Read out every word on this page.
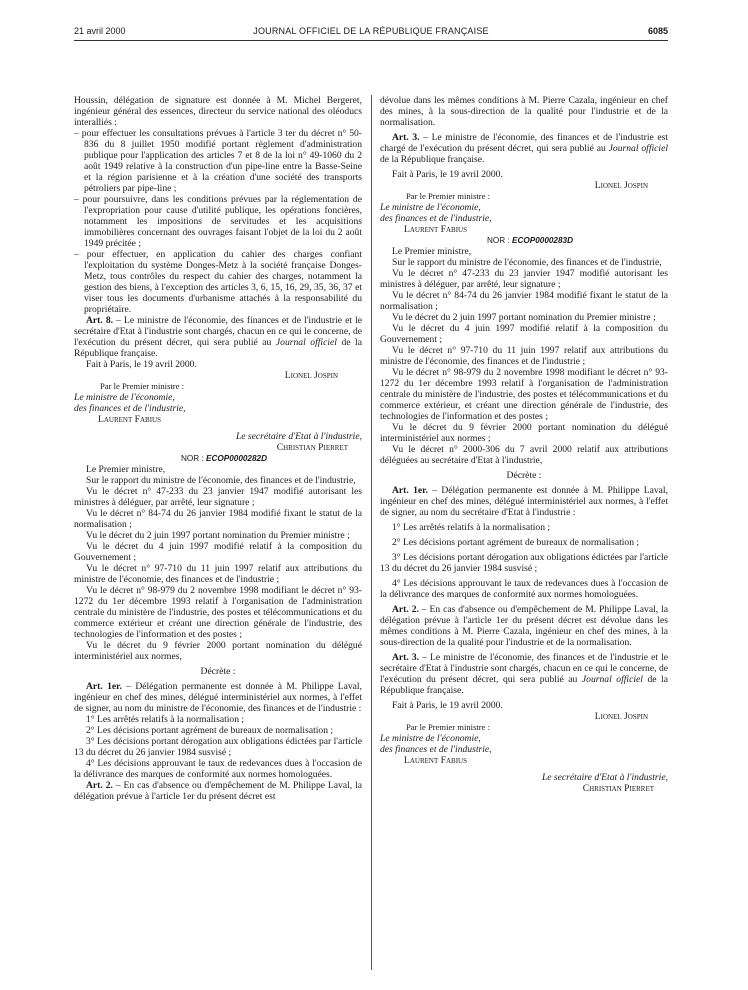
21 avril 2000	JOURNAL OFFICIEL DE LA RÉPUBLIQUE FRANÇAISE	6085

Houssin, délégation de signature est donnée à M. Michel Bergeret, ingénieur général des essences, directeur du service national des oléoducs interalliés :

– pour effectuer les consultations prévues à l'article 3 ter du décret n° 50-836 du 8 juillet 1950 modifié portant règlement d'administration publique pour l'application des articles 7 et 8 de la loi n° 49-1060 du 2 août 1949 relative à la construction d'un pipe-line entre la Basse-Seine et la région parisienne et à la création d'une société des transports pétroliers par pipe-line ;

– pour poursuivre, dans les conditions prévues par la réglementation de l'expropriation pour cause d'utilité publique, les opérations foncières, notamment les impositions de servitudes et les acquisitions immobilières concernant des ouvrages faisant l'objet de la loi du 2 août 1949 précitée ;

– pour effectuer, en application du cahier des charges confiant l'exploitation du système Donges-Metz à la société française Donges-Metz, tous contrôles du respect du cahier des charges, notamment la gestion des biens, à l'exception des articles 3, 6, 15, 16, 29, 35, 36, 37 et viser tous les documents d'urbanisme attachés à la responsabilité du propriétaire.

Art. 8. – Le ministre de l'économie, des finances et de l'industrie et le secrétaire d'Etat à l'industrie sont chargés, chacun en ce qui le concerne, de l'exécution du présent décret, qui sera publié au Journal officiel de la République française.

Fait à Paris, le 19 avril 2000.

Lionel Jospin

Par le Premier ministre :
Le ministre de l'économie,
des finances et de l'industrie,
Laurent Fabius
Le secrétaire d'Etat à l'industrie,
Christian Pierret

NOR : ECOP0000282D

Le Premier ministre,

Sur le rapport du ministre de l'économie, des finances et de l'industrie,

Vu le décret n° 47-233 du 23 janvier 1947 modifié autorisant les ministres à déléguer, par arrêté, leur signature ;

Vu le décret n° 84-74 du 26 janvier 1984 modifié fixant le statut de la normalisation ;

Vu le décret du 2 juin 1997 portant nomination du Premier ministre ;

Vu le décret du 4 juin 1997 modifié relatif à la composition du Gouvernement ;

Vu le décret n° 97-710 du 11 juin 1997 relatif aux attributions du ministre de l'économie, des finances et de l'industrie ;

Vu le décret n° 98-979 du 2 novembre 1998 modifiant le décret n° 93-1272 du 1er décembre 1993 relatif à l'organisation de l'administration centrale du ministère de l'industrie, des postes et télécommunications et du commerce extérieur et créant une direction générale de l'industrie, des technologies de l'information et des postes ;

Vu le décret du 9 février 2000 portant nomination du délégué interministériel aux normes,

Décrète :

Art. 1er. – Délégation permanente est donnée à M. Philippe Laval, ingénieur en chef des mines, délégué interministériel aux normes, à l'effet de signer, au nom du ministre de l'économie, des finances et de l'industrie :

1° Les arrêtés relatifs à la normalisation ;

2° Les décisions portant agrément de bureaux de normalisation ;

3° Les décisions portant dérogation aux obligations édictées par l'article 13 du décret du 26 janvier 1984 susvisé ;

4° Les décisions approuvant le taux de redevances dues à l'occasion de la délivrance des marques de conformité aux normes homologuées.

Art. 2. – En cas d'absence ou d'empêchement de M. Philippe Laval, la délégation prévue à l'article 1er du présent décret est

dévolue dans les mêmes conditions à M. Pierre Cazala, ingénieur en chef des mines, à la sous-direction de la qualité pour l'industrie et de la normalisation.

Art. 3. – Le ministre de l'économie, des finances et de l'industrie est chargé de l'exécution du présent décret, qui sera publié au Journal officiel de la République française.

Fait à Paris, le 19 avril 2000.

Lionel Jospin

Par le Premier ministre :
Le ministre de l'économie,
des finances et de l'industrie,
Laurent Fabius

NOR : ECOP0000283D

Le Premier ministre,

Sur le rapport du ministre de l'économie, des finances et de l'industrie,

Vu le décret n° 47-233 du 23 janvier 1947 modifié autorisant les ministres à déléguer, par arrêté, leur signature ;

Vu le décret n° 84-74 du 26 janvier 1984 modifié fixant le statut de la normalisation ;

Vu le décret du 2 juin 1997 portant nomination du Premier ministre ;

Vu le décret du 4 juin 1997 modifié relatif à la composition du Gouvernement ;

Vu le décret n° 97-710 du 11 juin 1997 relatif aux attributions du ministre de l'économie, des finances et de l'industrie ;

Vu le décret n° 98-979 du 2 novembre 1998 modifiant le décret n° 93-1272 du 1er décembre 1993 relatif à l'organisation de l'administration centrale du ministère de l'industrie, des postes et télécommunications et du commerce extérieur, et créant une direction générale de l'industrie, des technologies de l'information et des postes ;

Vu le décret du 9 février 2000 portant nomination du délégué interministériel aux normes ;

Vu le décret n° 2000-306 du 7 avril 2000 relatif aux attributions déléguées au secrétaire d'Etat à l'industrie,

Décrète :

Art. 1er. – Délégation permanente est donnée à M. Philippe Laval, ingénieur en chef des mines, délégué interministériel aux normes, à l'effet de signer, au nom du secrétaire d'Etat à l'industrie :

1° Les arrêtés relatifs à la normalisation ;

2° Les décisions portant agrément de bureaux de normalisation ;

3° Les décisions portant dérogation aux obligations édictées par l'article 13 du décret du 26 janvier 1984 susvisé ;

4° Les décisions approuvant le taux de redevances dues à l'occasion de la délivrance des marques de conformité aux normes homologuées.

Art. 2. – En cas d'absence ou d'empêchement de M. Philippe Laval, la délégation prévue à l'article 1er du présent décret est dévolue dans les mêmes conditions à M. Pierre Cazala, ingénieur en chef des mines, à la sous-direction de la qualité pour l'industrie et de la normalisation.

Art. 3. – Le ministre de l'économie, des finances et de l'industrie et le secrétaire d'Etat à l'industrie sont chargés, chacun en ce qui le concerne, de l'exécution du présent décret, qui sera publié au Journal officiel de la République française.

Fait à Paris, le 19 avril 2000.

Lionel Jospin

Par le Premier ministre :
Le ministre de l'économie,
des finances et de l'industrie,
Laurent Fabius
Le secrétaire d'Etat à l'industrie,
Christian Pierret
